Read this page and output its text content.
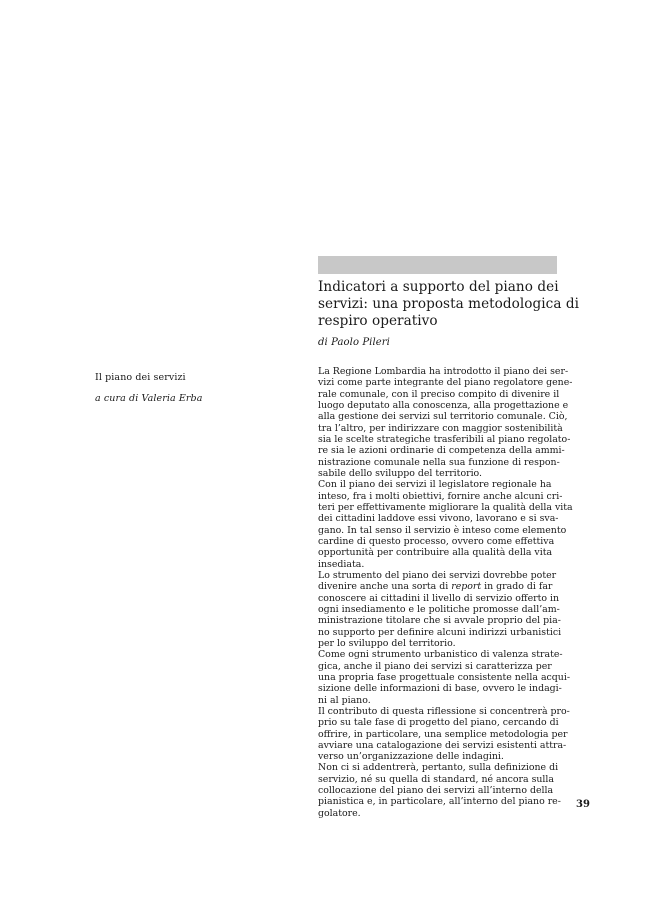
Indicatori a supporto del piano dei
servizi: una proposta metodologica di
respiro operativo
di Paolo Pileri
Il piano dei servizi
a cura di Valeria Erba
La Regione Lombardia ha introdotto il piano dei ser-
vizi come parte integrante del piano regolatore gene-
rale comunale, con il preciso compito di divenire il
luogo deputato alla conoscenza, alla progettazione e
alla gestione dei servizi sul territorio comunale. Ciò,
tra l’altro, per indirizzare con maggior sostenibilità
sia le scelte strategiche trasferibili al piano regolato-
re sia le azioni ordinarie di competenza della ammi-
nistrazione comunale nella sua funzione di respon-
sabile dello sviluppo del territorio.
Con il piano dei servizi il legislatore regionale ha
inteso, fra i molti obiettivi, fornire anche alcuni cri-
teri per effettivamente migliorare la qualità della vita
dei cittadini laddove essi vivono, lavorano e si sva-
gano. In tal senso il servizio è inteso come elemento
cardine di questo processo, ovvero come effettiva
opportunità per contribuire alla qualità della vita
insediata.
Lo strumento del piano dei servizi dovrebbe poter
divenire anche una sorta di report in grado di far
conoscere ai cittadini il livello di servizio offerto in
ogni insediamento e le politiche promosse dall’am-
ministrazione titolare che si avvale proprio del pia-
no supporto per definire alcuni indirizzi urbanistici
per lo sviluppo del territorio.
Come ogni strumento urbanistico di valenza strate-
gica, anche il piano dei servizi si caratterizza per
una propria fase progettuale consistente nella acqui-
sizione delle informazioni di base, ovvero le indagi-
ni al piano.
Il contributo di questa riflessione si concentrerà pro-
prio su tale fase di progetto del piano, cercando di
offrire, in particolare, una semplice metodologia per
avviare una catalogazione dei servizi esistenti attra-
verso un’organizzazione delle indagini.
Non ci si addentrerà, pertanto, sulla definizione di
servizio, né su quella di standard, né ancora sulla
collocazione del piano dei servizi all’interno della
pianistica e, in particolare, all’interno del piano re-
golatore.
39
